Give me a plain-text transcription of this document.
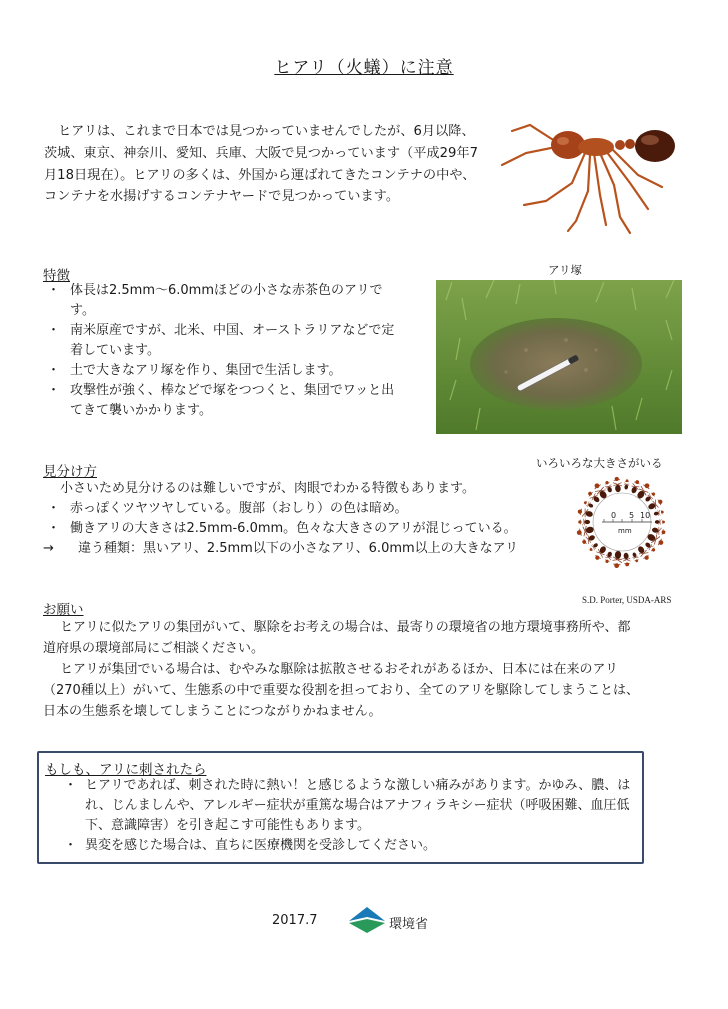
ヒアリ（火蟻）に注意
ヒアリは、これまで日本では見つかっていませんでしたが、6月以降、茨城、東京、神奈川、愛知、兵庫、大阪で見つかっています（平成29年7月18日現在）。ヒアリの多くは、外国から運ばれてきたコンテナの中や、コンテナを水揚げするコンテナヤードで見つかっています。
特徴
・ 体長は2.5mm～6.0mmほどの小さな赤茶色のアリです。
・ 南米原産ですが、北米、中国、オーストラリアなどで定着しています。
・ 土で大きなアリ塚を作り、集団で生活します。
・ 攻撃性が強く、棒などで塚をつつくと、集団でワッと出てきて襲いかかります。
アリ塚
見分け方
いろいろな大きさがいる
小さいため見分けるのは難しいですが、肉眼でわかる特徴もあります。
・ 赤っぽくツヤツヤしている。腹部（おしり）の色は暗め。
・ 働きアリの大きさは2.5mm-6.0mm。色々な大きさのアリが混じっている。
→ 違う種類：黒いアリ、2.5mm以下の小さなアリ、6.0mm以上の大きなアリ
0 5 10
mm
S.D. Porter, USDA-ARS
お願い
ヒアリに似たアリの集団がいて、駆除をお考えの場合は、最寄りの環境省の地方環境事務所や、都道府県の環境部局にご相談ください。
ヒアリが集団でいる場合は、むやみな駆除は拡散させるおそれがあるほか、日本には在来のアリ（270種以上）がいて、生態系の中で重要な役割を担っており、全てのアリを駆除してしまうことは、日本の生態系を壊してしまうことにつながりかねません。
もしも、アリに刺されたら
・ ヒアリであれば、刺された時に熱い！と感じるような激しい痛みがあります。かゆみ、膿、はれ、じんましんや、アレルギー症状が重篤な場合はアナフィラキシー症状（呼吸困難、血圧低下、意識障害）を引き起こす可能性もあります。
・ 異変を感じた場合は、直ちに医療機関を受診してください。
2017.7	環境省
